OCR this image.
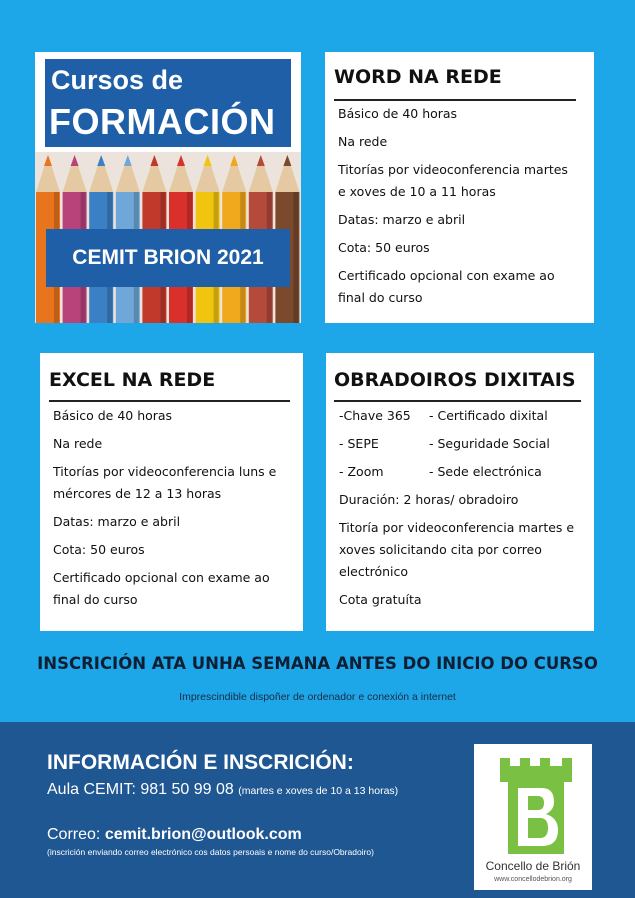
Cursos de
FORMACIÓN
CEMIT BRION 2021
WORD NA REDE

Básico de 40 horas

Na rede

Titorías por videoconferencia martes e xoves de 10 a 11 horas

Datas: marzo e abril

Cota: 50 euros

Certificado opcional con exame ao final do curso

EXCEL NA REDE

Básico de 40 horas

Na rede

Titorías por videoconferencia luns e mércores de 12 a 13 horas

Datas: marzo e abril

Cota: 50 euros

Certificado opcional con exame ao final do curso

OBRADOIROS DIXITAIS

-Chave 365	- Certificado dixital

- SEPE	- Seguridade Social

- Zoom	- Sede electrónica

Duración: 2 horas/ obradoiro

Titoría por videoconferencia martes e xoves solicitando cita por correo electrónico

Cota gratuíta

INSCRICIÓN ATA UNHA SEMANA ANTES DO INICIO DO CURSO
Imprescindible dispoñer de ordenador e conexión a internet
INFORMACIÓN E INSCRICIÓN:
Aula CEMIT: 981 50 99 08 (martes e xoves de 10 a 13 horas)
Correo: cemit.brion@outlook.com
(inscrición enviando correo electrónico cos datos persoais e nome do curso/Obradoiro)
Concello de Brión
www.concellodebrion.org
